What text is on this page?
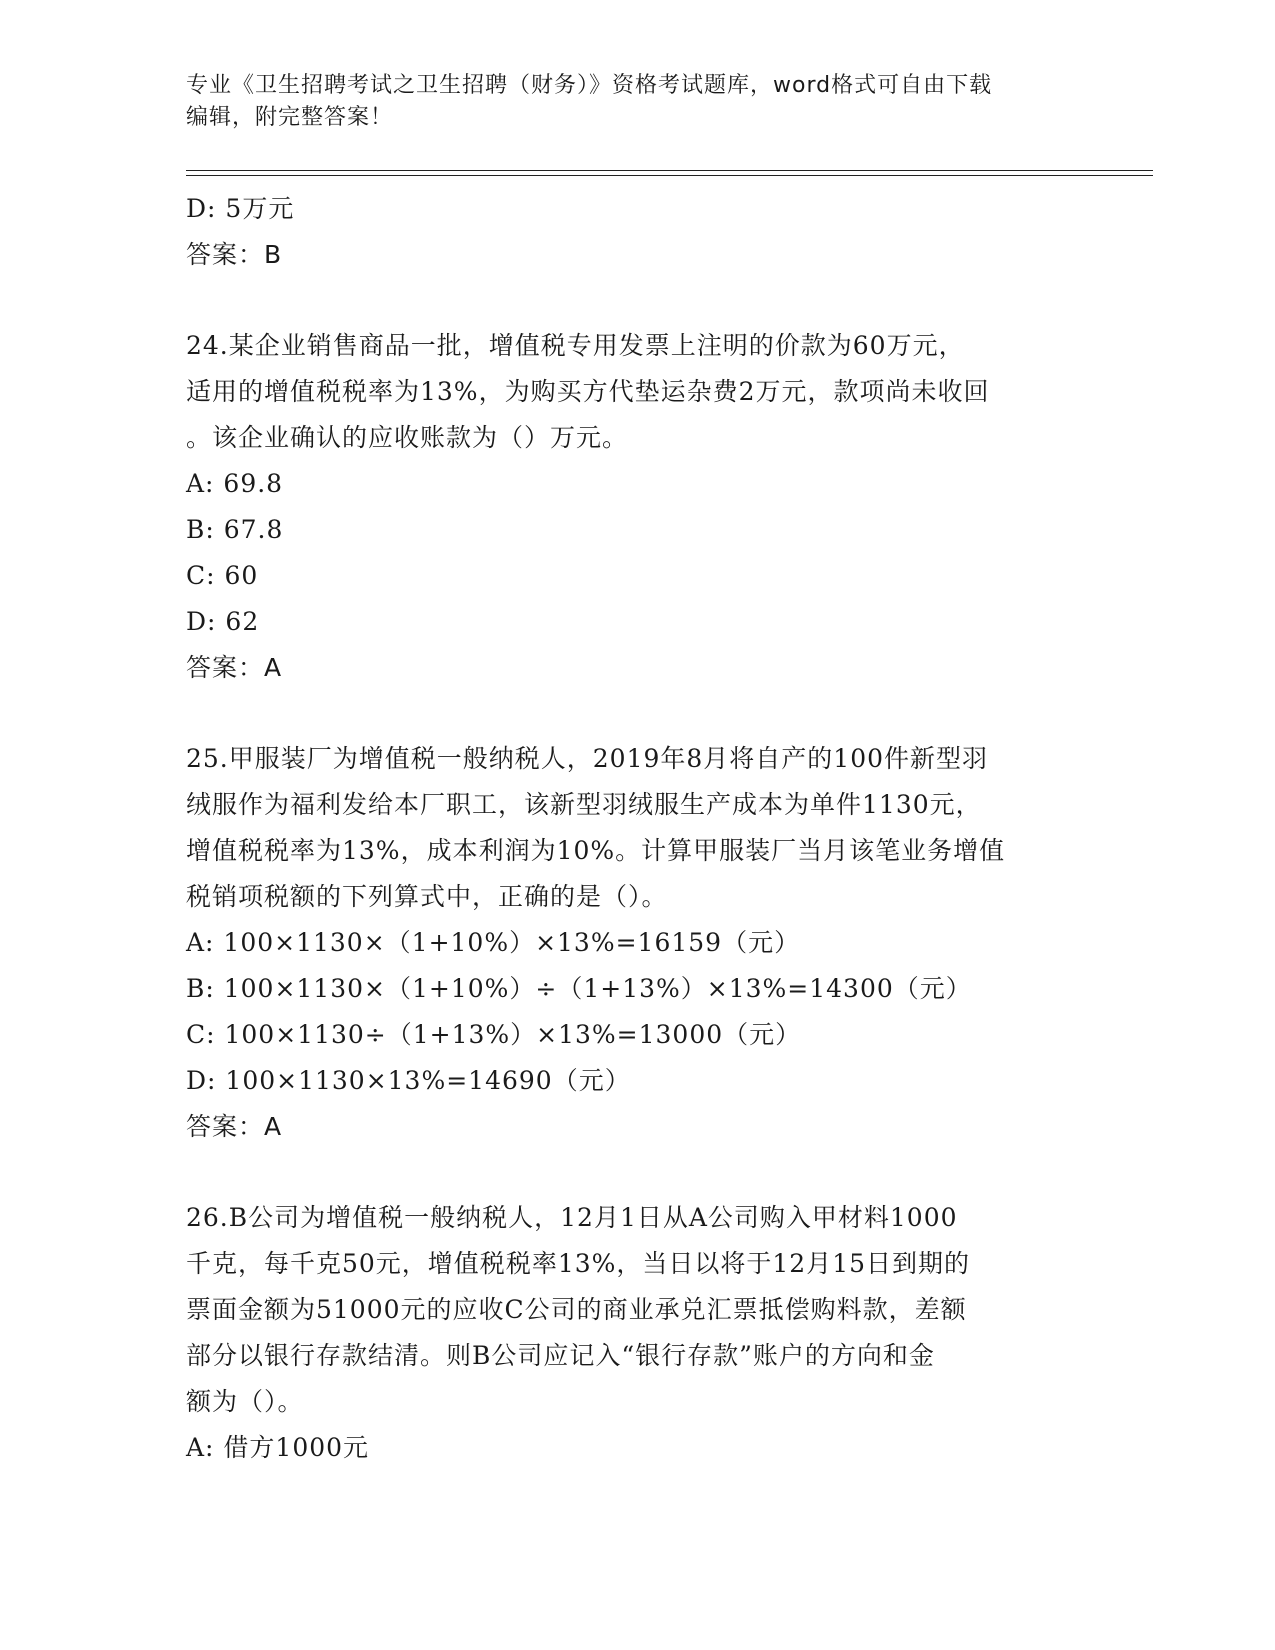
专业《卫生招聘考试之卫生招聘（财务）》资格考试题库，word格式可自由下载
编辑，附完整答案！
D: 5万元
答案：B
24.某企业销售商品一批，增值税专用发票上注明的价款为60万元，
适用的增值税税率为13%，为购买方代垫运杂费2万元，款项尚未收回
。该企业确认的应收账款为（）万元。
A: 69.8
B: 67.8
C: 60
D: 62
答案：A
25.甲服装厂为增值税一般纳税人，2019年8月将自产的100件新型羽
绒服作为福利发给本厂职工，该新型羽绒服生产成本为单件1130元，
增值税税率为13%，成本利润为10%。计算甲服装厂当月该笔业务增值
税销项税额的下列算式中，正确的是（）。
A: 100×1130×（1+10%）×13%=16159（元）
B: 100×1130×（1+10%）÷（1+13%）×13%=14300（元）
C: 100×1130÷（1+13%）×13%=13000（元）
D: 100×1130×13%=14690（元）
答案：A
26.B公司为增值税一般纳税人，12月1日从A公司购入甲材料1000
千克，每千克50元，增值税税率13%，当日以将于12月15日到期的
票面金额为51000元的应收C公司的商业承兑汇票抵偿购料款，差额
部分以银行存款结清。则B公司应记入“银行存款”账户的方向和金
额为（）。
A: 借方1000元
